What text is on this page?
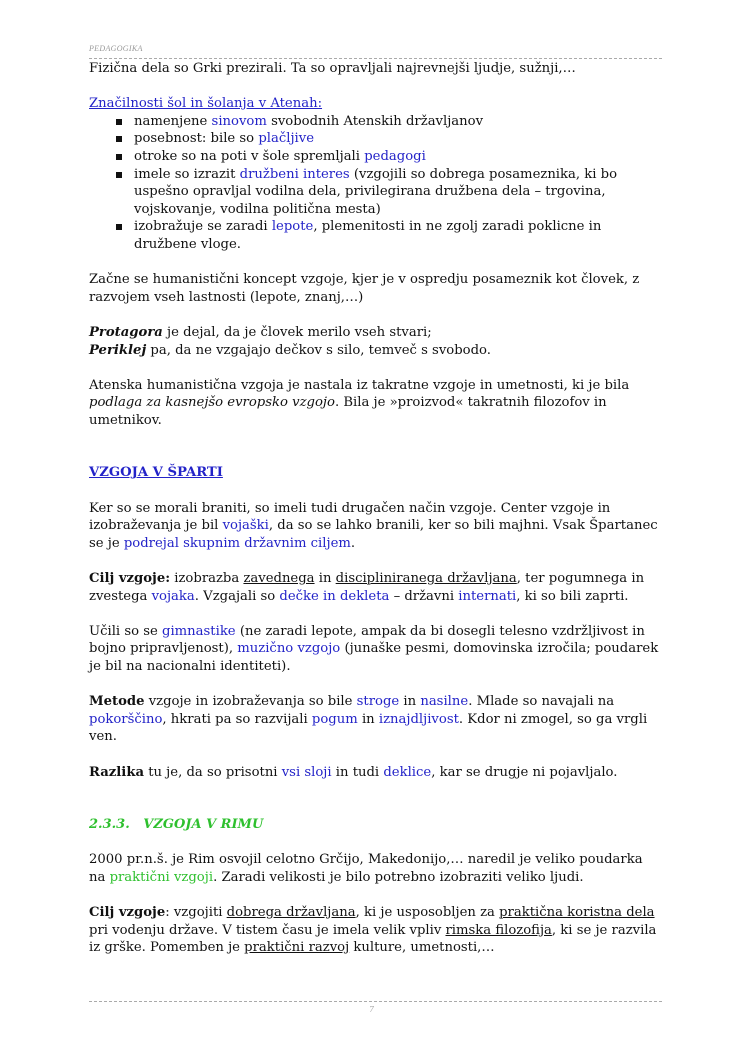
PEDAGOGIKA

Fizična dela so Grki prezirali. Ta so opravljali najrevnejši ljudje, sužnji,…

Značilnosti šol in šolanja v Atenah:

namenjene sinovom svobodnih Atenskih državljanov
posebnost: bile so plačljive
otroke so na poti v šole spremljali pedagogi
imele so izrazit družbeni interes (vzgojili so dobrega posameznika, ki bo uspešno opravljal vodilna dela, privilegirana družbena dela – trgovina, vojskovanje, vodilna politična mesta)
izobražuje se zaradi lepote, plemenitosti in ne zgolj zaradi poklicne in družbene vloge.

Začne se humanistični koncept vzgoje, kjer je v ospredju posameznik kot človek, z razvojem vseh lastnosti (lepote, znanj,…)

Protagora je dejal, da je človek merilo vseh stvari;

Periklej pa, da ne vzgajajo dečkov s silo, temveč s svobodo.

Atenska humanistična vzgoja je nastala iz takratne vzgoje in umetnosti, ki je bila podlaga za kasnejšo evropsko vzgojo. Bila je »proizvod« takratnih filozofov in umetnikov.

VZGOJA V ŠPARTI

Ker so se morali braniti, so imeli tudi drugačen način vzgoje. Center vzgoje in izobraževanja je bil vojaški, da so se lahko branili, ker so bili majhni. Vsak Špartanec se je podrejal skupnim državnim ciljem.

Cilj vzgoje: izobrazba zavednega in discipliniranega državljana, ter pogumnega in zvestega vojaka. Vzgajali so dečke in dekleta – državni internati, ki so bili zaprti.

Učili so se gimnastike (ne zaradi lepote, ampak da bi dosegli telesno vzdržljivost in bojno pripravljenost), muzično vzgojo (junaške pesmi, domovinska izročila; poudarek je bil na nacionalni identiteti).

Metode vzgoje in izobraževanja so bile stroge in nasilne. Mlade so navajali na pokorščino, hkrati pa so razvijali pogum in iznajdljivost. Kdor ni zmogel, so ga vrgli ven.

Razlika tu je, da so prisotni vsi sloji in tudi deklice, kar se drugje ni pojavljalo.

2.3.3. VZGOJA V RIMU

2000 pr.n.š. je Rim osvojil celotno Grčijo, Makedonijo,… naredil je veliko poudarka na praktični vzgoji. Zaradi velikosti je bilo potrebno izobraziti veliko ljudi.

Cilj vzgoje: vzgojiti dobrega državljana, ki je usposobljen za praktična koristna dela pri vodenju države. V tistem času je imela velik vpliv rimska filozofija, ki se je razvila iz grške. Pomemben je praktični razvoj kulture, umetnosti,…

7
